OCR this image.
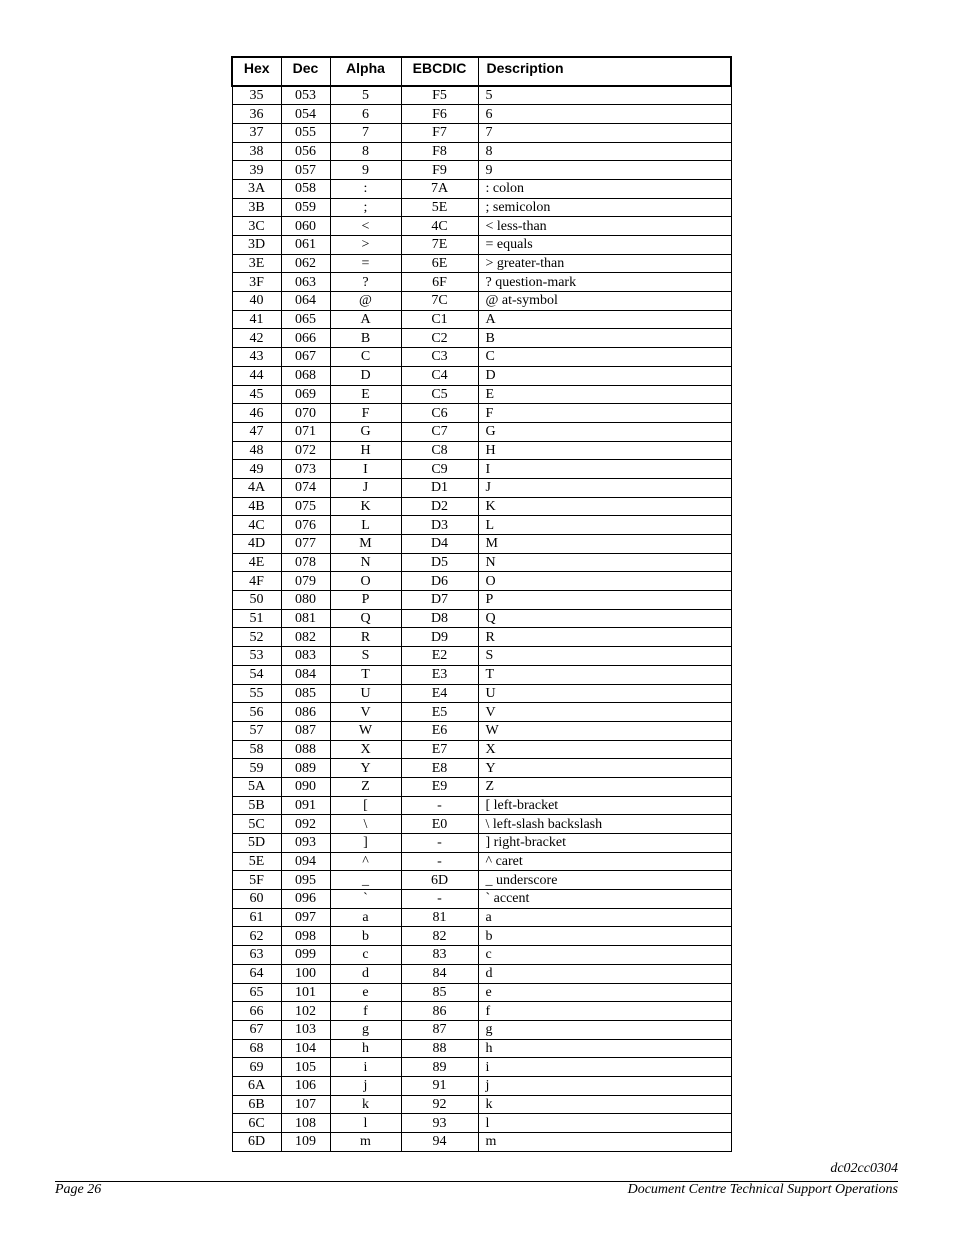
Hex	Dec	Alpha	EBCDIC	Description
35	053	5	F5	5
36	054	6	F6	6
37	055	7	F7	7
38	056	8	F8	8
39	057	9	F9	9
3A	058	:	7A	: colon
3B	059	;	5E	; semicolon
3C	060	<	4C	< less-than
3D	061	>	7E	= equals
3E	062	=	6E	> greater-than
3F	063	?	6F	? question-mark
40	064	@	7C	@ at-symbol
41	065	A	C1	A
42	066	B	C2	B
43	067	C	C3	C
44	068	D	C4	D
45	069	E	C5	E
46	070	F	C6	F
47	071	G	C7	G
48	072	H	C8	H
49	073	I	C9	I
4A	074	J	D1	J
4B	075	K	D2	K
4C	076	L	D3	L
4D	077	M	D4	M
4E	078	N	D5	N
4F	079	O	D6	O
50	080	P	D7	P
51	081	Q	D8	Q
52	082	R	D9	R
53	083	S	E2	S
54	084	T	E3	T
55	085	U	E4	U
56	086	V	E5	V
57	087	W	E6	W
58	088	X	E7	X
59	089	Y	E8	Y
5A	090	Z	E9	Z
5B	091	[	-	[ left-bracket
5C	092	\	E0	\ left-slash backslash
5D	093	]	-	] right-bracket
5E	094	^	-	^ caret
5F	095	_	6D	_ underscore
60	096	`	-	` accent
61	097	a	81	a
62	098	b	82	b
63	099	c	83	c
64	100	d	84	d
65	101	e	85	e
66	102	f	86	f
67	103	g	87	g
68	104	h	88	h
69	105	i	89	i
6A	106	j	91	j
6B	107	k	92	k
6C	108	l	93	l
6D	109	m	94	m
dc02cc0304
Page 26	Document Centre Technical Support Operations
